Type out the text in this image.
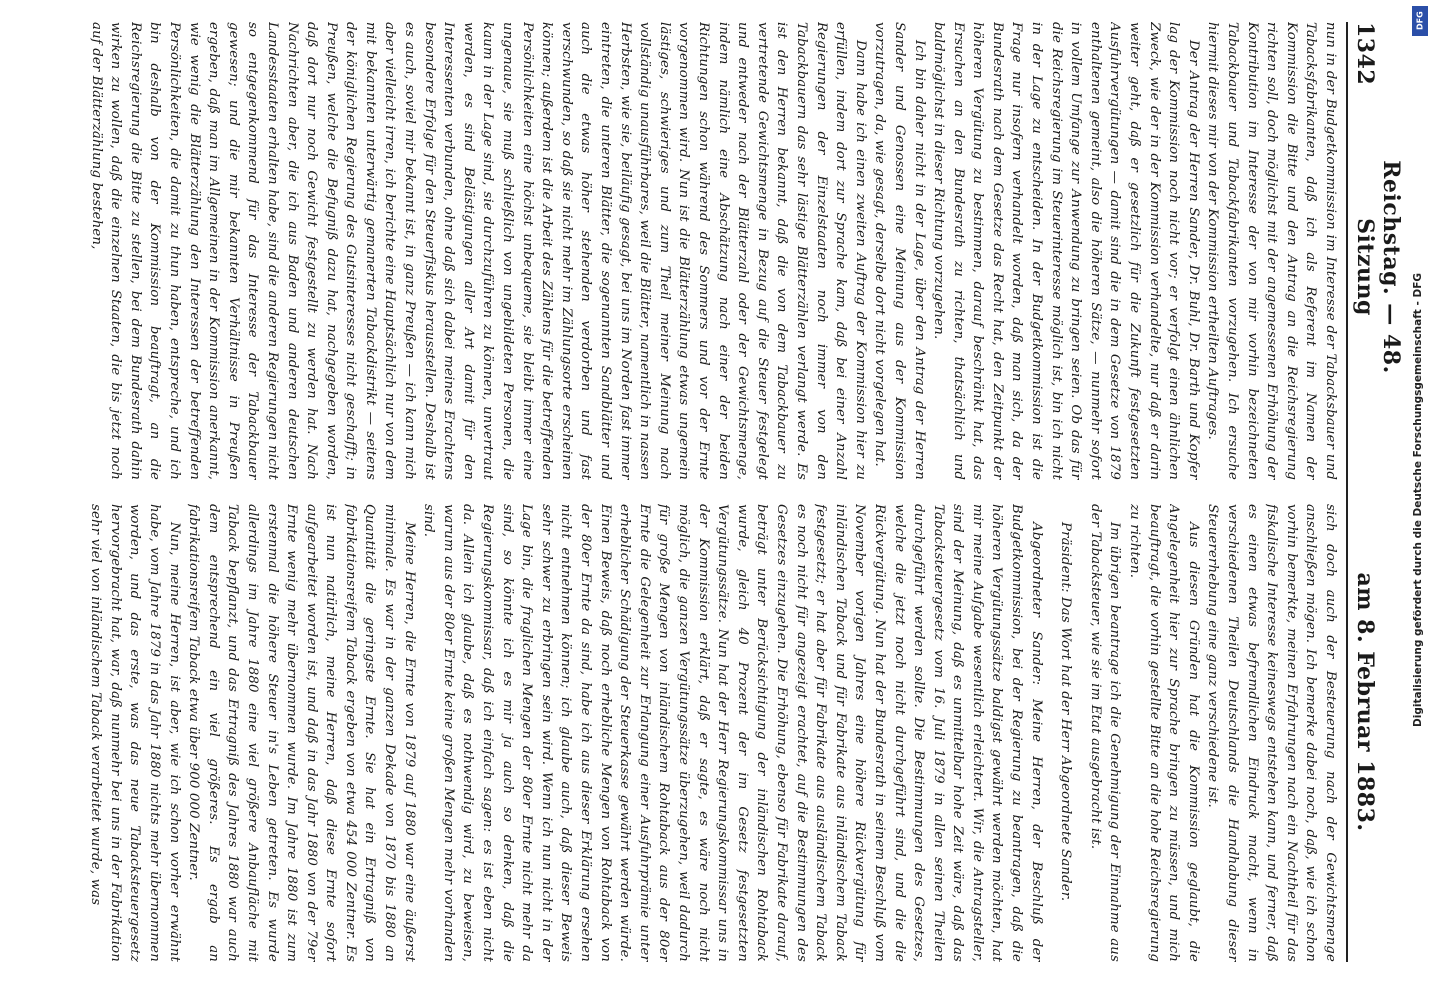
1342
Reichstag. — 48. Sitzung
am 8. Februar 1883.

nun in der Budgetkommission im Interesse der Tabacksbauer und Tabacksfabrikanten, daß ich als Referent im Namen der Kommission die Bitte und den Antrag an die Reichsregierung richten soll, doch möglichst mit der angemessenen Erhöhung der Kontribution im Interesse der von mir vorhin bezeichneten Tabackbauer und Tabackfabrikanten vorzugehen. Ich ersuche hiermit dieses mir von der Kommission ertheilten Auftrages.

Der Antrag der Herren Sander, Dr. Buhl, Dr. Barth und Kopfer lag der Kommission noch nicht vor; er verfolgt einen ähnlichen Zweck, wie der in der Kommission verhandelte, nur daß er darin weiter geht, daß er gesetzlich für die Zukunft festgesetzten Ausfuhrvergütungen — damit sind die in dem Gesetze von 1879 enthaltenen gemeint, also die höheren Sätze, — nunmehr sofort in vollem Umfange zur Anwendung zu bringen seien. Ob das für die Reichsregierung im Steuerinteresse möglich ist, bin ich nicht in der Lage zu entscheiden. In der Budgetkommission ist die Frage nur insofern verhandelt worden, daß man sich, da der Bundesrath nach dem Gesetze das Recht hat, den Zeitpunkt der höheren Vergütung zu bestimmen, darauf beschränkt hat, das Ersuchen an den Bundesrath zu richten, thatsächlich und baldmöglichst in dieser Richtung vorzugehen.

Ich bin daher nicht in der Lage, über den Antrag der Herren Sander und Genossen eine Meinung aus der Kommission vorzutragen, da, wie gesagt, derselbe dort nicht vorgelegen hat.

Dann habe ich einen zweiten Auftrag der Kommission hier zu erfüllen, indem dort zur Sprache kam, daß bei einer Anzahl Regierungen der Einzelstaaten noch immer von den Tabackbauern das sehr lästige Blätterzählen verlangt werde. Es ist den Herren bekannt, daß die von dem Tabackbauer zu vertretende Gewichtsmenge in Bezug auf die Steuer festgelegt und entweder nach der Blätterzahl oder der Gewichtsmenge, indem nämlich eine Abschätzung nach einer der beiden Richtungen schon während des Sommers und vor der Ernte vorgenommen wird. Nun ist die Blätterzählung etwas ungemein lästiges, schwieriges und zum Theil meiner Meinung nach vollständig unausführbares, weil die Blätter, namentlich in nassen Herbsten, wie sie, beiläufig gesagt, bei uns im Norden fast immer eintreten, die unteren Blätter, die sogenannten Sandblätter und auch die etwas höher stehenden verdorben und fast verschwunden, so daß sie nicht mehr im Zählungsorte erscheinen können; außerdem ist die Arbeit des Zählens für die betreffenden Persönlichkeiten eine höchst unbequeme, sie bleibt immer eine ungenaue, sie muß schließlich von ungebildeten Personen, die kaum in der Lage sind, sie durchzuführen zu können, unvertraut werden, es sind Belästigungen aller Art damit für den Interessenten verbunden, ohne daß sich dabei meines Erachtens besondere Erfolge für den Steuerfiskus herausstellen. Deshalb ist es auch, soviel mir bekannt ist, in ganz Preußen — ich kann mich aber vielleicht irren, ich berichte eine Hauptsächlich nur von dem mit bekannten unterwärtig gemanerten Tabackdistrikt — seitens der königlichen Regierung des Gutsinteresses nicht geschafft; in Preußen, welche die Befugniß dazu hat, nachgegeben worden, daß dort nur noch Gewicht festgestellt zu werden hat. Nach Nachrichten aber, die ich aus Baden und anderen deutschen Landesstaaten erhalten habe, sind die anderen Regierungen nicht so entgegenkommend für das Interesse der Tabackbauer gewesen; und die mir bekannten Verhältnisse in Preußen ergeben, daß man im Allgemeinen in der Kommission anerkannt, wie wenig die Blätterzählung den Interessen der betreffenden Persönlichkeiten, die damit zu thun haben, entspreche, und ich bin deshalb von der Kommission beauftragt, an die Reichsregierung die Bitte zu stellen, bei dem Bundesrath dahin wirken zu wollen, daß die einzelnen Staaten, die bis jetzt noch auf der Blätterzählung bestehen,

sich doch auch der Besteuerung nach der Gewichtsmenge anschließen mögen. Ich bemerke dabei noch, daß, wie ich schon vorhin bemerkte, meinen Erfahrungen nach ein Nachtheil für das fiskalische Interesse keineswegs entstehen kann, und ferner, daß es einen etwas befremdlichen Eindruck macht, wenn in verschiedenen Theilen Deutschlands die Handhabung dieser Steuererhebung eine ganz verschiedene ist.

Aus diesen Gründen hat die Kommission geglaubt, die Angelegenheit hier zur Sprache bringen zu müssen, und mich beauftragt, die vorhin gestellte Bitte an die hohe Reichsregierung zu richten.

Im übrigen beantrage ich die Genehmigung der Einnahme aus der Tabacksteuer, wie sie im Etat ausgebracht ist.

Präsident: Das Wort hat der Herr Abgeordnete Sander.

Abgeordneter Sander: Meine Herren, der Beschluß der Budgetkommission, bei der Regierung zu beantragen, daß die höheren Vergütungssätze baldigst gewährt werden möchten, hat mir meine Aufgabe wesentlich erleichtert. Wir, die Antragsteller, sind der Meinung, daß es unmittelbar hohe Zeit wäre, daß das Tabacksteuergesetz vom 16. Juli 1879 in allen seinen Theilen durchgeführt werden sollte. Die Bestimmungen des Gesetzes, welche die jetzt noch nicht durchgeführt sind, und die die Rückvergütung. Nun hat der Bundesrath in seinem Beschluß vom November vorigen Jahres eine höhere Rückvergütung für inländischen Taback und für Fabrikate aus inländischem Taback festgesetzt; er hat aber für Fabrikate aus ausländischem Taback es noch nicht für angezeigt erachtet, auf die Bestimmungen des Gesetzes einzugehen. Die Erhöhung, ebenso für Fabrikate darauf, beträgt unter Berücksichtigung der inländischen Rohtaback wurde, gleich 40 Prozent der im Gesetz festgesetzten Vergütungssätze. Nun hat der Herr Regierungskommissar uns in der Kommission erklärt, daß er sagte, es wäre noch nicht möglich, die ganzen Vergütungssätze überzugehen, weil dadurch für große Mengen von inländischem Rohtaback aus der 80er Ernte die Gelegenheit zur Erlangung einer Ausfuhrprämie unter erheblicher Schädigung der Steuerkasse gewährt werden würde. Einen Beweis, daß noch erhebliche Mengen von Rohtaback von der 80er Ernte da sind, habe ich aus dieser Erklärung ersehen nicht entnehmen können; ich glaube auch, daß dieser Beweis sehr schwer zu erbringen sein wird. Wenn ich nun nicht in der Lage bin, die fraglichen Mengen der 80er Ernte nicht mehr da sind, so könnte ich es mir ja auch so denken, daß die Regierungskommissar, daß ich einfach sagen: es ist eben nicht da. Allein ich glaube, daß es nothwendig wird, zu beweisen, warum aus der 80er Ernte keine großen Mengen mehr vorhanden sind.

Meine Herren, die Ernte von 1879 auf 1880 war eine äußerst minimale. Es war in der ganzen Dekade von 1870 bis 1880 an Quantität die geringste Ernte. Sie hat ein Ertragniß von fabrikationsreifem Taback ergeben von etwa 454 000 Zentner. Es ist nun natürlich, meine Herren, daß diese Ernte sofort aufgearbeitet worden ist, und daß in das Jahr 1880 von der 79er Ernte wenig mehr übernommen wurde. Im Jahre 1880 ist zum erstenmal die höhere Steuer in's Leben getreten. Es wurde allerdings im Jahre 1880 eine viel größere Anbaufläche mit Taback bepflanzt, und das Ertragniß des Jahres 1880 war auch dem entsprechend ein viel größeres. Es ergab an fabrikationsreifem Taback etwa über 900 000 Zentner.

Nun, meine Herren, ist aber, wie ich schon vorher erwähnt habe, vom Jahre 1879 in das Jahr 1880 nichts mehr übernommen worden, und das erste, was das neue Tabacksteuergesetz hervorgebracht hat, war, daß nunmehr bei uns in der Fabrikation sehr viel von inländischem Taback verarbeitet wurde, was	Digitalisierung gefördert durch die Deutsche Forschungsgemeinschaft - DFG
DFG
